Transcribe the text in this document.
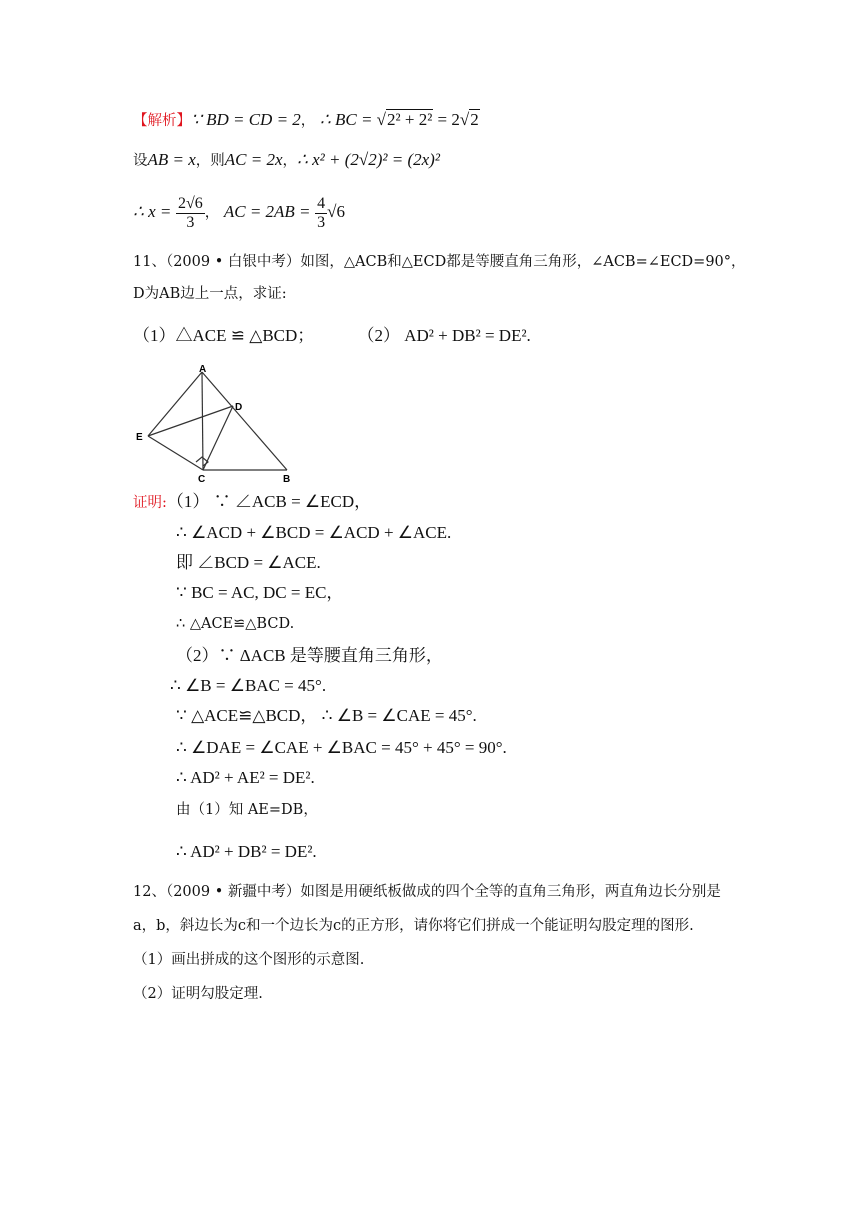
【解析】∵ BD = CD = 2， ∴ BC = √2² + 2² = 2√2
设AB = x，则AC = 2x，∴ x² + (2√2)² = (2x)²
∴ $x = \frac{2√6}{3}$ ， AC = $2AB = \frac{4}{3} √6$
11、（2009 • 白银中考）如图，△ACB和△ECD都是等腰直角三角形，∠ACB=∠ECD=90°，
D为AB边上一点，求证:
（1）△ACE ≌ △BCD；	（2） AD² + DB² = DE².
A
D
E
C	B
证明:（1） ∵ ∠ACB = ∠ECD，
∴ ∠ACD + ∠BCD = ∠ACD + ∠ACE.
即 ∠BCD = ∠ACE.
∵ BC = AC, DC = EC，
∴ △ACE≌△BCD.
（2）∵ ΔACB 是等腰直角三角形，
∴ ∠B = ∠BAC = 45°.
∵ △ACE≌△BCD， ∴ ∠B = ∠CAE = 45°.
∴ ∠DAE = ∠CAE + ∠BAC = 45° + 45° = 90°.
∴ AD² + AE² = DE².
由（1）知 AE=DB，
∴ AD² + DB² = DE².
12、（2009 • 新疆中考）如图是用硬纸板做成的四个全等的直角三角形，两直角边长分别是
a，b，斜边长为c和一个边长为c的正方形，请你将它们拼成一个能证明勾股定理的图形.
（1）画出拼成的这个图形的示意图.
（2）证明勾股定理.
